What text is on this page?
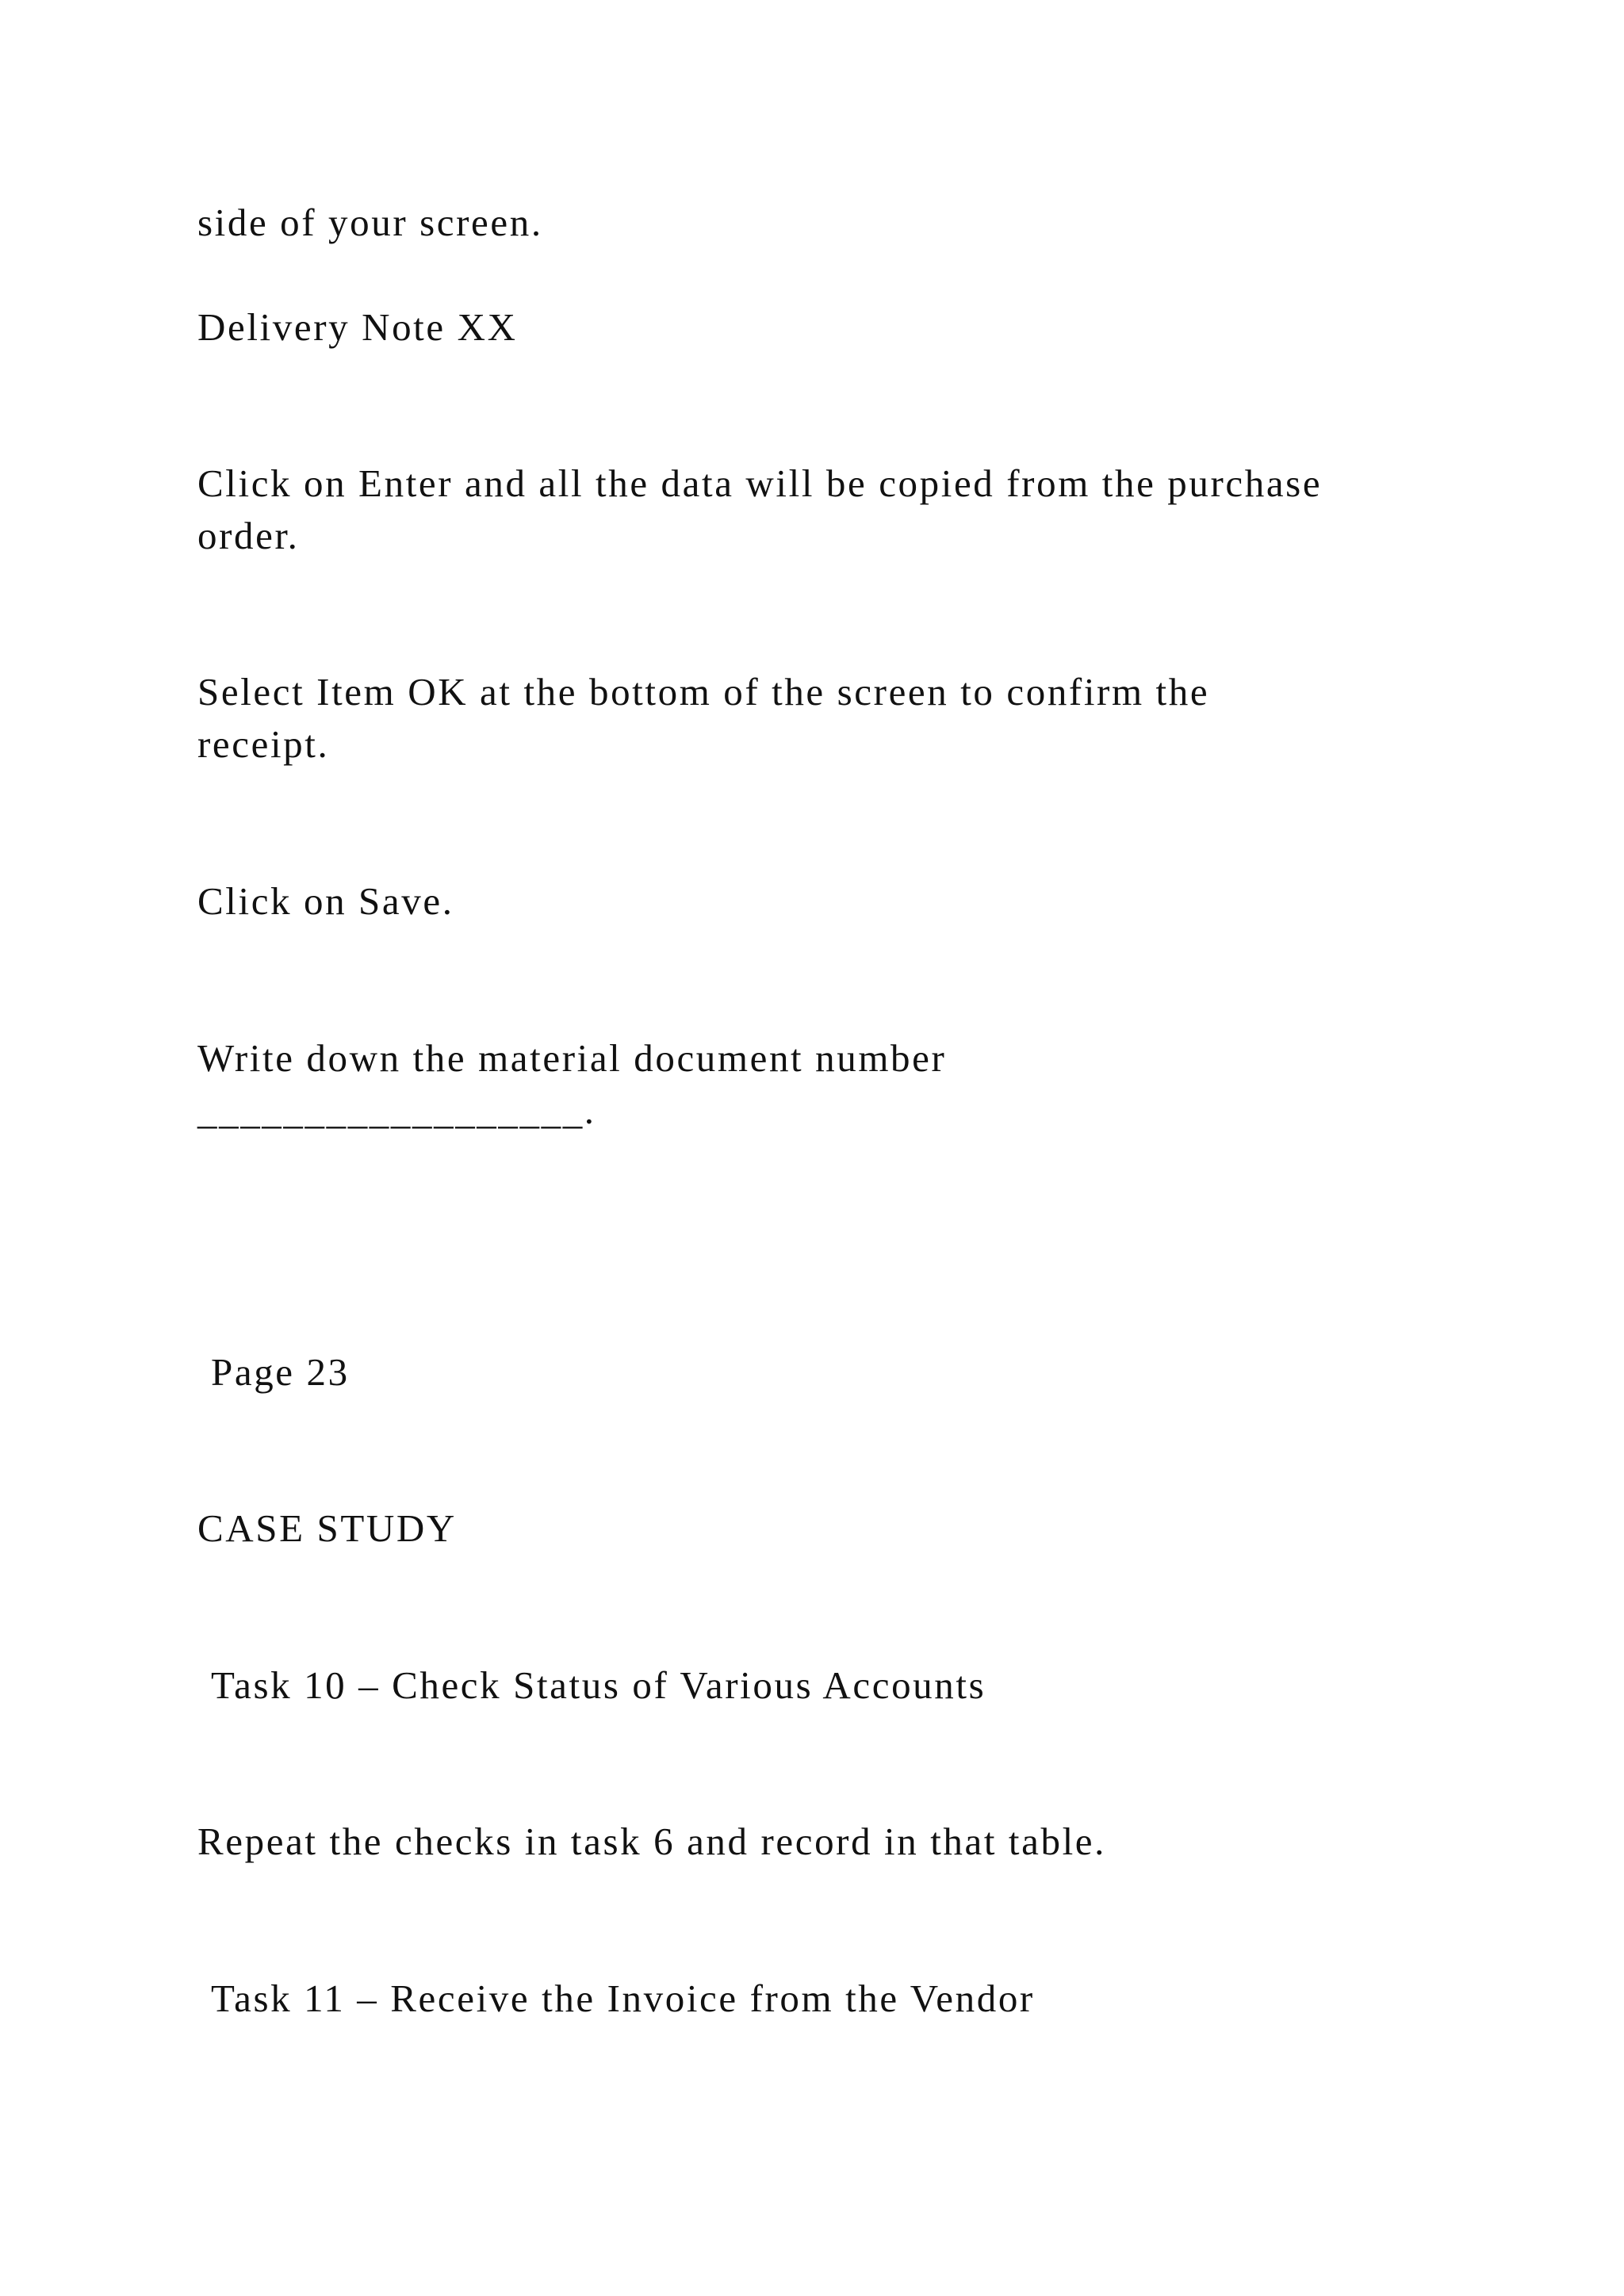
side of your screen.

Delivery Note XX

Click on Enter and all the data will be copied from the purchase

order.

Select Item OK at the bottom of the screen to confirm the

receipt.

Click on Save.

Write down the material document number

__________________.

Page 23

CASE STUDY

Task 10 – Check Status of Various Accounts

Repeat the checks in task 6 and record in that table.

Task 11 – Receive the Invoice from the Vendor
